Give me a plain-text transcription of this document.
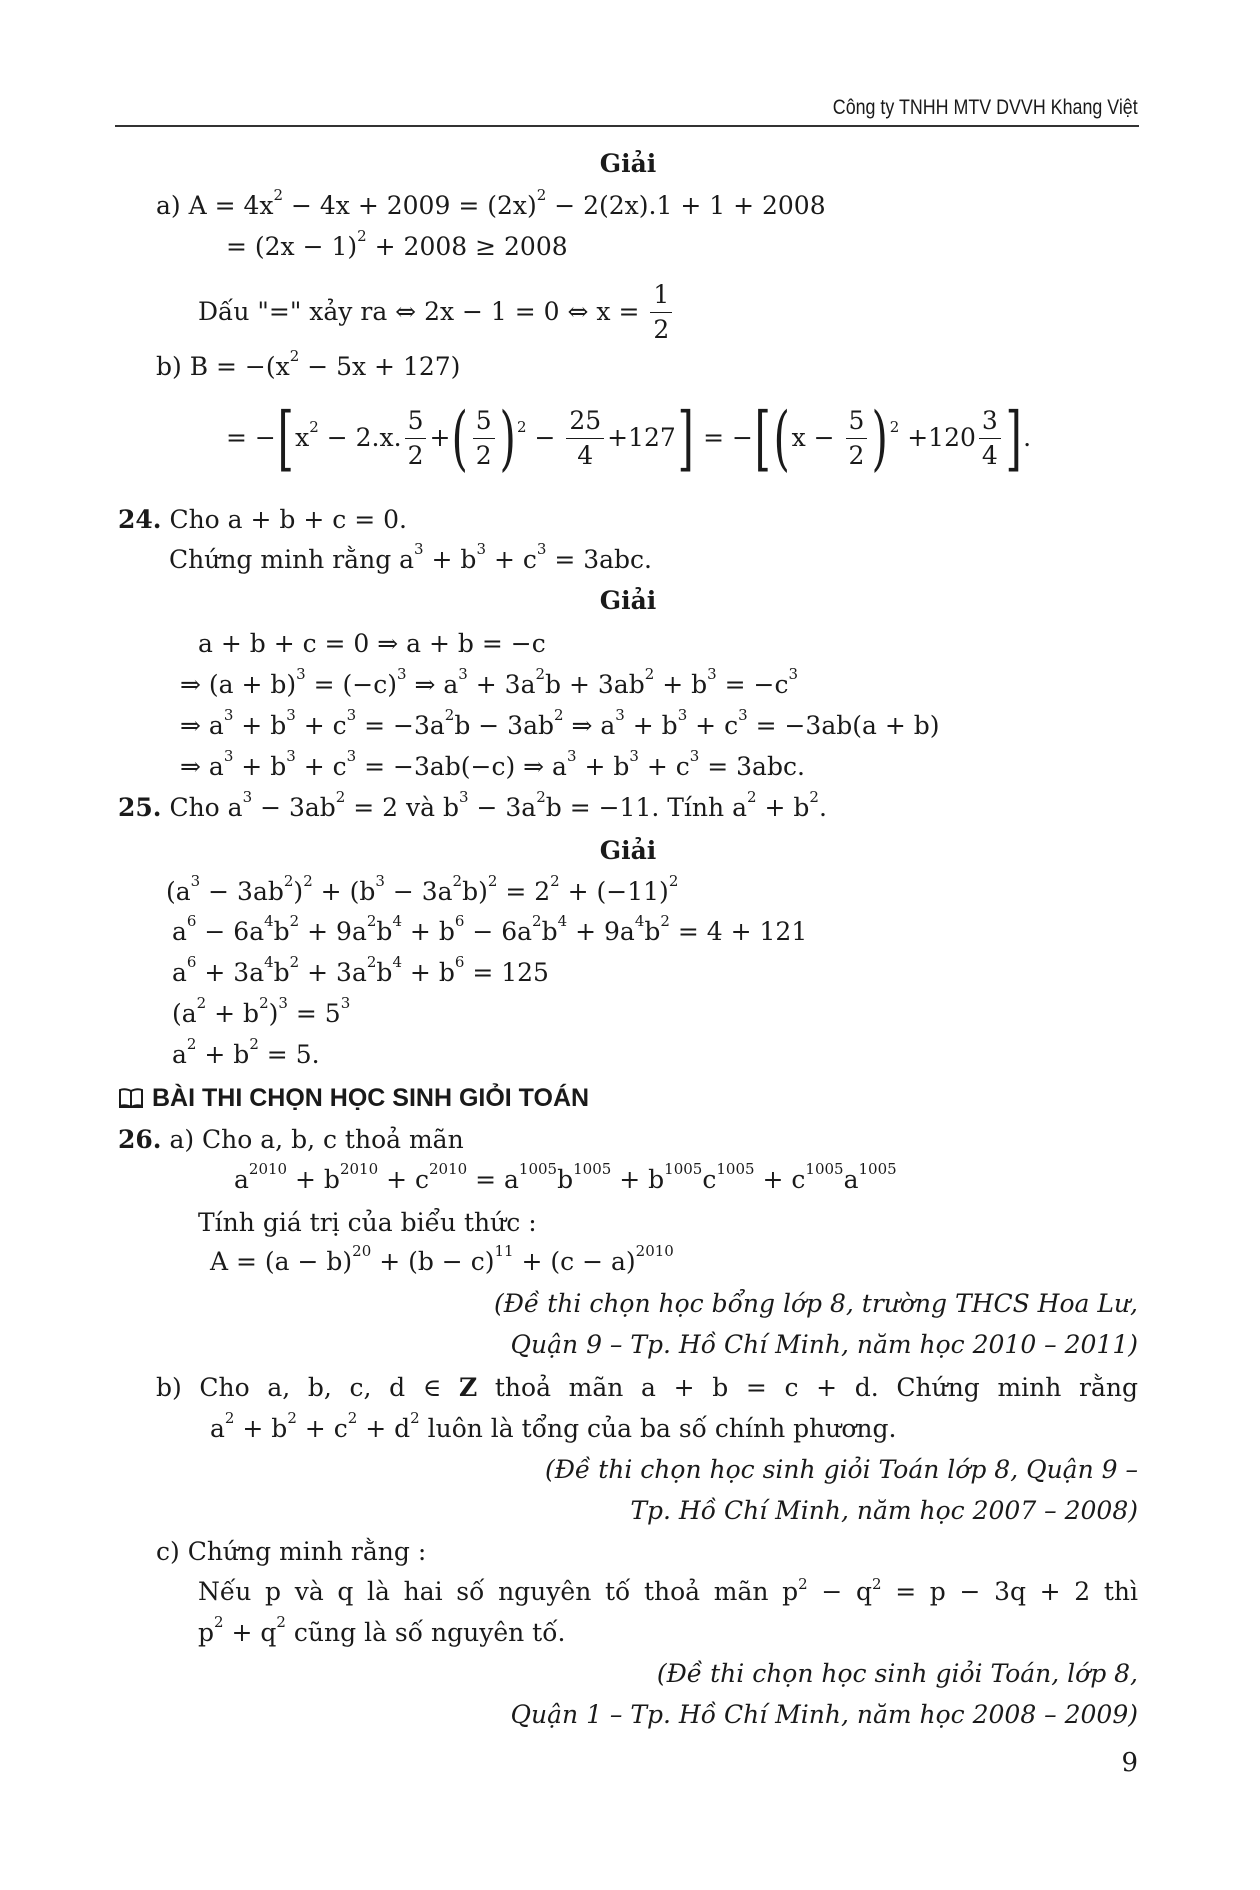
Công ty TNHH MTV DVVH Khang Việt
Giải
a) A = 4x 2 − 4x + 2009 = (2x) 2 − 2(2x).1 + 1 + 2008
= (2x − 1) 2 + 2008 ≥ 2008
Dấu "=" xảy ra ⇔ 2x − 1 = 0 ⇔ $x = \frac{1}{2}$
b) B = −(x 2 − 5x + 127)
= − [ x 2 − 2.x. $\frac{5}{2}$ + ( $\frac{5}{2}$ ) $2 - \frac{25}{4} +127$ ] = − [ ( $x - \frac{5}{2}$ ) $2 +120 \frac{3}{4}$ ] .
24. Cho a + b + c = 0.
Chứng minh rằng a 3 + b 3 + c 3 = 3abc.
Giải
a + b + c = 0 ⇒ a + b = −c
⇒ (a + b) 3 = (−c) 3 ⇒ a 3 + 3a 2 b + 3ab 2 + b 3 = −c 3
⇒ a 3 + b 3 + c 3 = −3a 2 b − 3ab 2 ⇒ a 3 + b 3 + c 3 = −3ab(a + b)
⇒ a 3 + b 3 + c 3 = −3ab(−c) ⇒ a 3 + b 3 + c 3 = 3abc.
25. Cho a 3 − 3ab 2 = 2 và b 3 − 3a 2 b = −11. Tính a 2 + b 2 .
Giải
(a 3 − 3ab 2 ) 2 + (b 3 − 3a 2 b) 2 = 2 2 + (−11) 2
a 6 − 6a 4 b 2 + 9a 2 b 4 + b 6 − 6a 2 b 4 + 9a 4 b 2 = 4 + 121
a 6 + 3a 4 b 2 + 3a 2 b 4 + b 6 = 125
(a 2 + b 2 ) 3 = 5 3
a 2 + b 2 = 5.
BÀI THI CHỌN HỌC SINH GIỎI TOÁN
26. a) Cho a, b, c thoả mãn
a 2010 + b 2010 + c 2010 = a 1005 b 1005 + b 1005 c 1005 + c 1005 a 1005
Tính giá trị của biểu thức :
A = (a − b) 20 + (b − c) 11 + (c − a) 2010
(Đề thi chọn học bổng lớp 8, trường THCS Hoa Lư,
Quận 9 – Tp. Hồ Chí Minh, năm học 2010 – 2011)
b) Cho a, b, c, d ∈ Z thoả mãn a + b = c + d. Chứng minh rằng
a 2 + b 2 + c 2 + d 2 luôn là tổng của ba số chính phương.
(Đề thi chọn học sinh giỏi Toán lớp 8, Quận 9 –
Tp. Hồ Chí Minh, năm học 2007 – 2008)
c) Chứng minh rằng :
Nếu p và q là hai số nguyên tố thoả mãn $p^2 - q^2 = p - 3q + 2$ thì
p 2 + q 2 cũng là số nguyên tố.
(Đề thi chọn học sinh giỏi Toán, lớp 8,
Quận 1 – Tp. Hồ Chí Minh, năm học 2008 – 2009)
9
